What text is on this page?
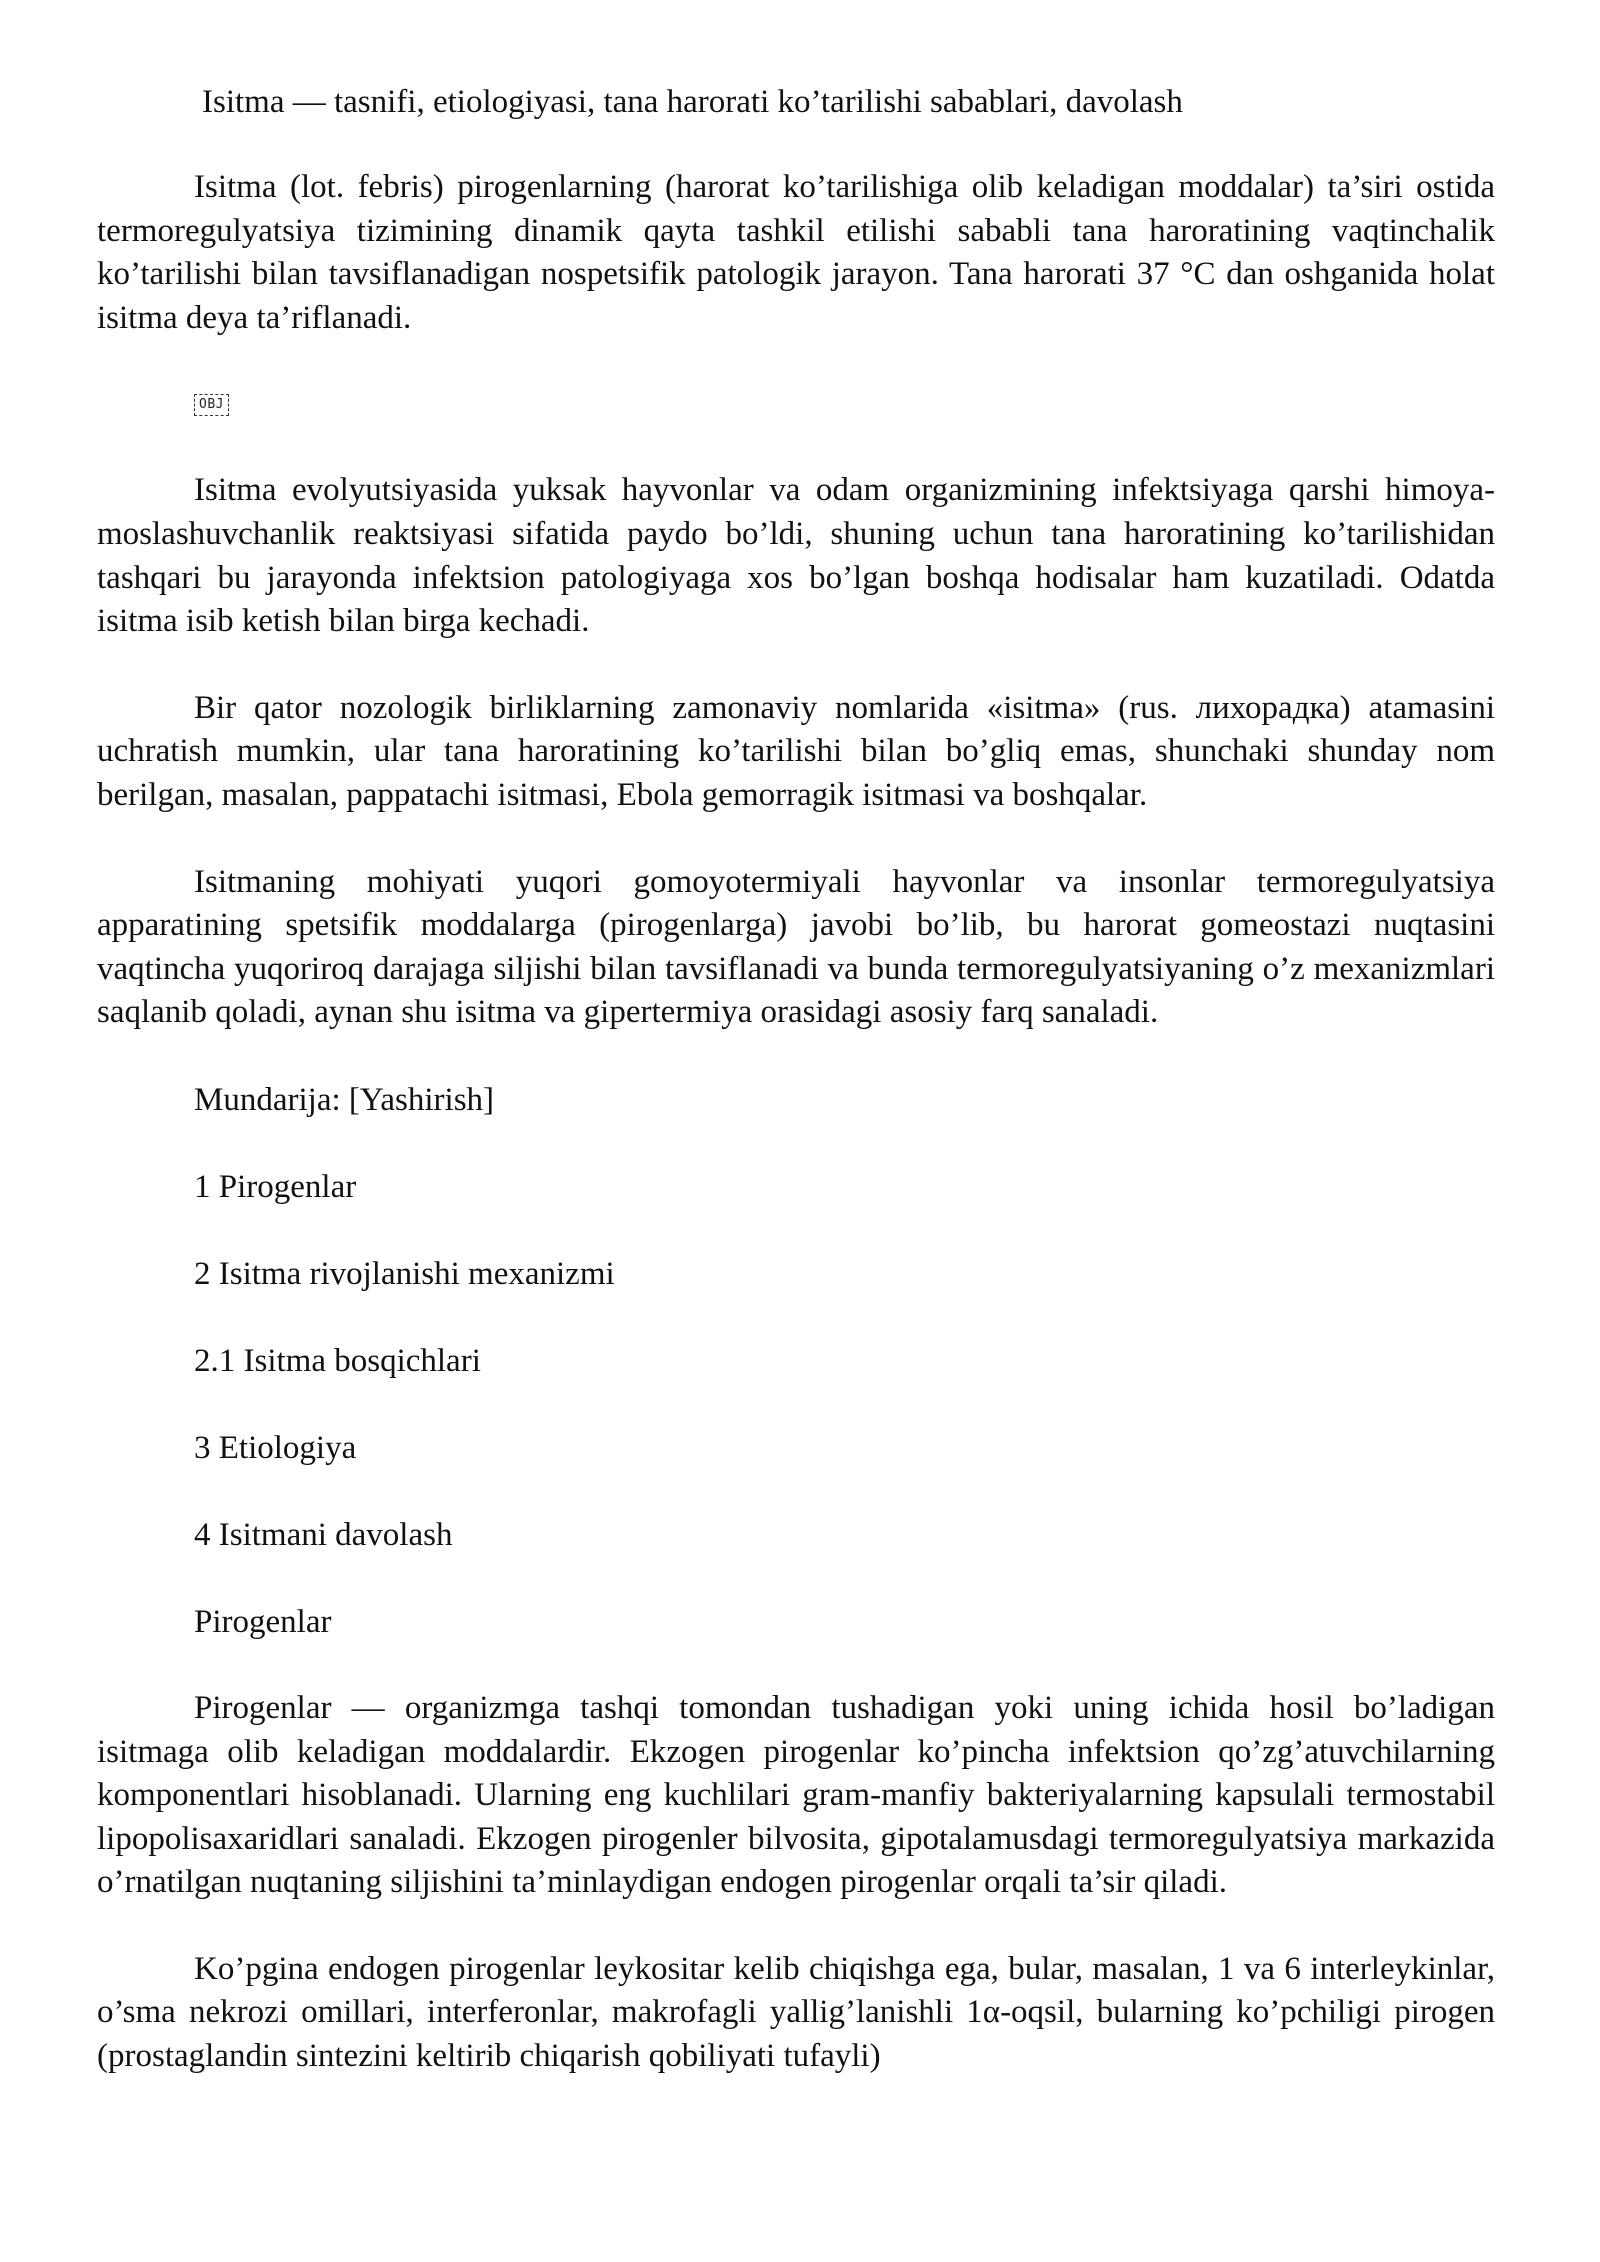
Isitma — tasnifi, etiologiyasi, tana harorati ko’tarilishi sabablari, davolash

Isitma (lot. febris) pirogenlarning (harorat ko’tarilishiga olib keladigan moddalar) ta’siri ostida termoregulyatsiya tizimining dinamik qayta tashkil etilishi sababli tana haroratining vaqtinchalik ko’tarilishi bilan tavsiflanadigan nospetsifik patologik jarayon. Tana harorati 37 °C dan oshganida holat isitma deya ta’riflanadi.

OBJ

Isitma evolyutsiyasida yuksak hayvonlar va odam organizmining infektsiyaga qarshi himoya-moslashuvchanlik reaktsiyasi sifatida paydo bo’ldi, shuning uchun tana haroratining ko’tarilishidan tashqari bu jarayonda infektsion patologiyaga xos bo’lgan boshqa hodisalar ham kuzatiladi. Odatda isitma isib ketish bilan birga kechadi.

Bir qator nozologik birliklarning zamonaviy nomlarida «isitma» (rus. лихорадка) atamasini uchratish mumkin, ular tana haroratining ko’tarilishi bilan bo’gliq emas, shunchaki shunday nom berilgan, masalan, pappatachi isitmasi, Ebola gemorragik isitmasi va boshqalar.

Isitmaning mohiyati yuqori gomoyotermiyali hayvonlar va insonlar termoregulyatsiya apparatining spetsifik moddalarga (pirogenlarga) javobi bo’lib, bu harorat gomeostazi nuqtasini vaqtincha yuqoriroq darajaga siljishi bilan tavsiflanadi va bunda termoregulyatsiyaning o’z mexanizmlari saqlanib qoladi, aynan shu isitma va gipertermiya orasidagi asosiy farq sanaladi.

Mundarija: [Yashirish]
1 Pirogenlar
2 Isitma rivojlanishi mexanizmi
2.1 Isitma bosqichlari
3 Etiologiya
4 Isitmani davolash
Pirogenlar

Pirogenlar — organizmga tashqi tomondan tushadigan yoki uning ichida hosil bo’ladigan isitmaga olib keladigan moddalardir. Ekzogen pirogenlar ko’pincha infektsion qo’zg’atuvchilarning komponentlari hisoblanadi. Ularning eng kuchlilari gram-manfiy bakteriyalarning kapsulali termostabil lipopolisaxaridlari sanaladi. Ekzogen pirogenler bilvosita, gipotalamusdagi termoregulyatsiya markazida o’rnatilgan nuqtaning siljishini ta’minlaydigan endogen pirogenlar orqali ta’sir qiladi.

Ko’pgina endogen pirogenlar leykositar kelib chiqishga ega, bular, masalan, 1 va 6 interleykinlar, o’sma nekrozi omillari, interferonlar, makrofagli yallig’lanishli 1α-oqsil, bularning ko’pchiligi pirogen (prostaglandin sintezini keltirib chiqarish qobiliyati tufayli)
